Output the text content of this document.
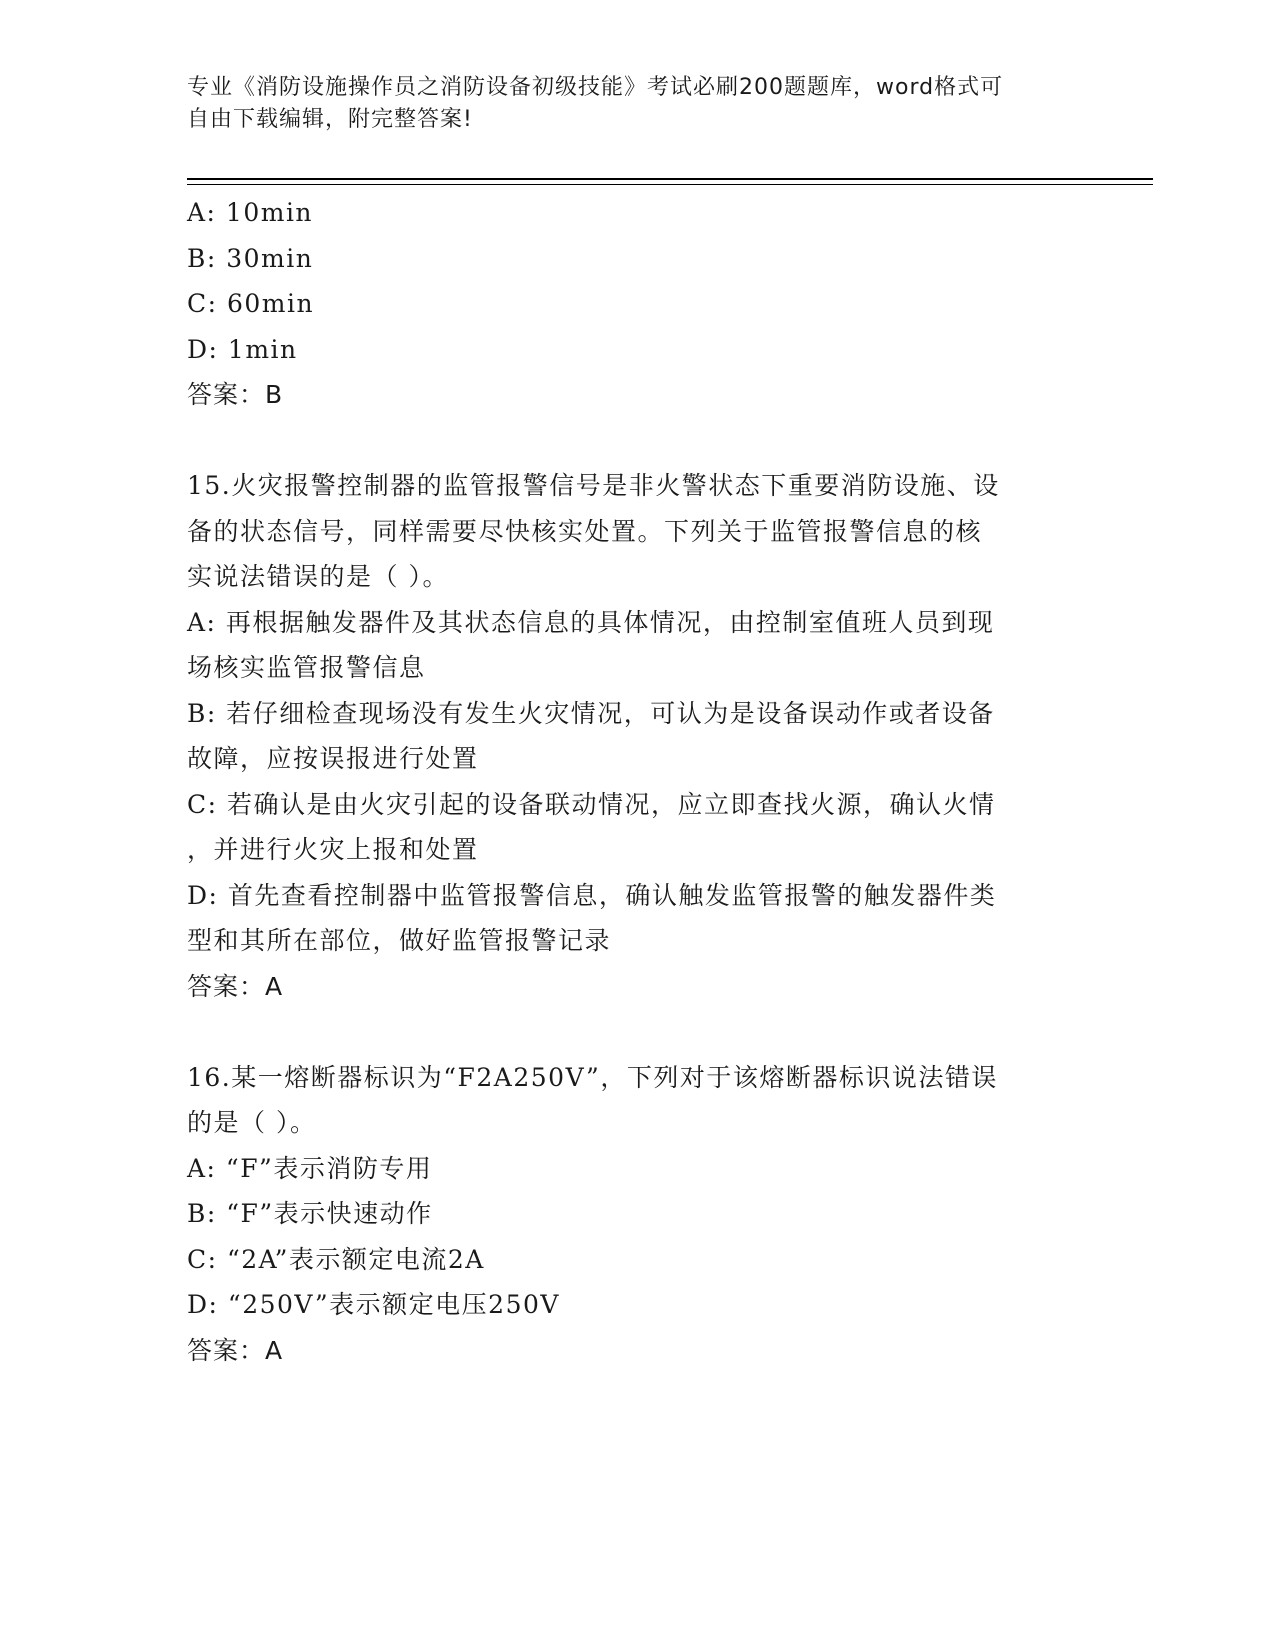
专业《消防设施操作员之消防设备初级技能》考试必刷200题题库，word格式可
自由下载编辑，附完整答案!
A: 10min
B: 30min
C: 60min
D: 1min
答案：B
15.火灾报警控制器的监管报警信号是非火警状态下重要消防设施、设
备的状态信号，同样需要尽快核实处置。下列关于监管报警信息的核
实说法错误的是（ ）。
A: 再根据触发器件及其状态信息的具体情况，由控制室值班人员到现
场核实监管报警信息
B: 若仔细检查现场没有发生火灾情况，可认为是设备误动作或者设备
故障，应按误报进行处置
C: 若确认是由火灾引起的设备联动情况，应立即查找火源，确认火情
，并进行火灾上报和处置
D: 首先查看控制器中监管报警信息，确认触发监管报警的触发器件类
型和其所在部位，做好监管报警记录
答案：A
16.某一熔断器标识为“F2A250V”，下列对于该熔断器标识说法错误
的是（ ）。
A: “F”表示消防专用
B: “F”表示快速动作
C: “2A”表示额定电流2A
D: “250V”表示额定电压250V
答案：A
